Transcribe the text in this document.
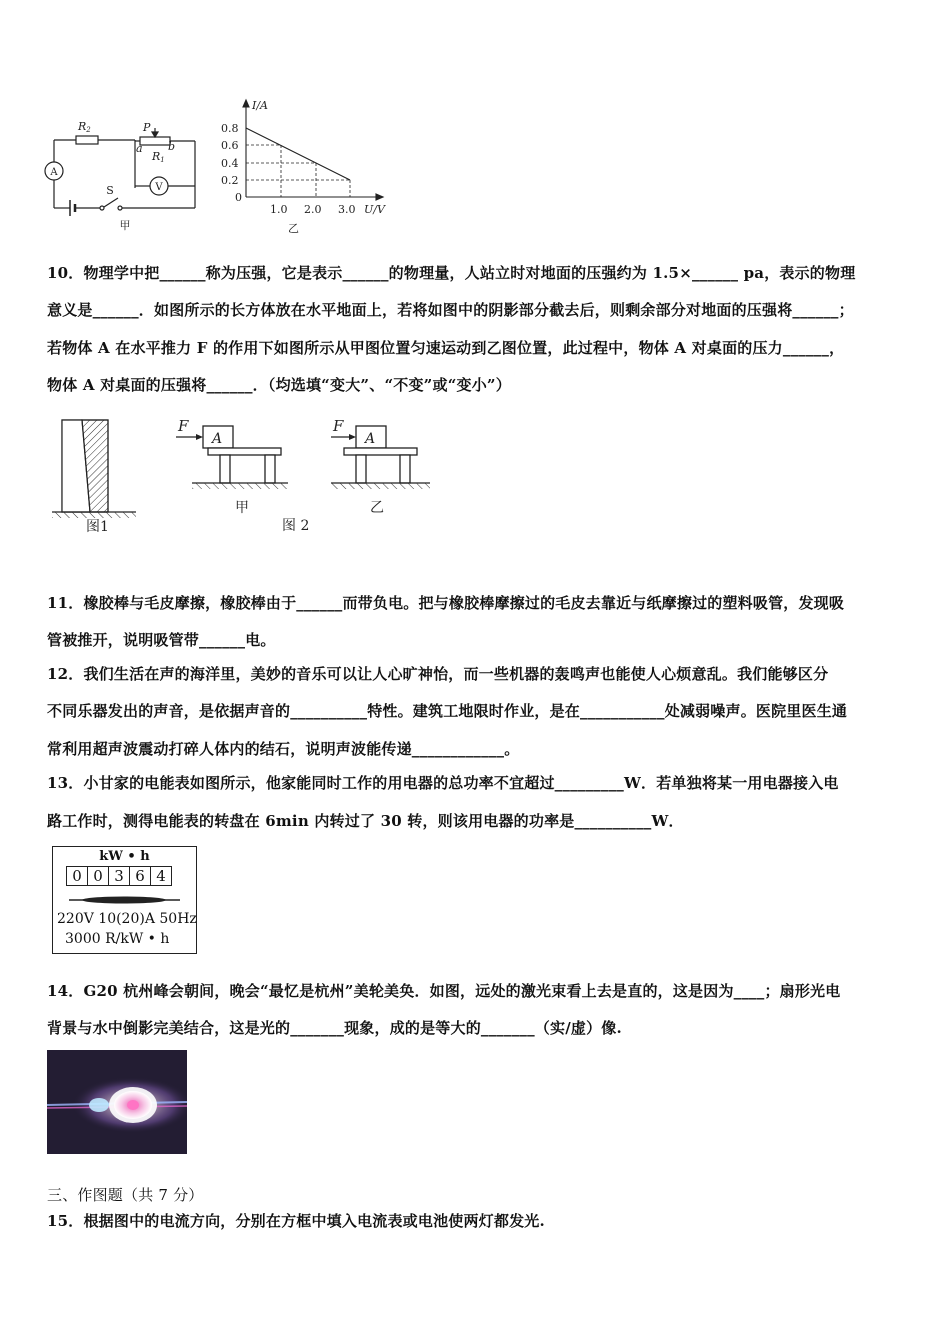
R2	P
a b
R1
A
V
S
甲
I/A
0.8
0.6
0.4
0.2
0
1.0 2.0 3.0 U/V
乙
10．物理学中把______称为压强，它是表示______的物理量，人站立时对地面的压强约为 1.5×______ pa，表示的物理
意义是______．如图所示的长方体放在水平地面上，若将如图中的阴影部分截去后，则剩余部分对地面的压强将______；
若物体 A 在水平推力 F 的作用下如图所示从甲图位置匀速运动到乙图位置，此过程中，物体 A 对桌面的压力______，
物体 A 对桌面的压强将______．（均选填“变大”、“不变”或“变小”）
图1
F
A
甲
图 2
F
A
乙
11．橡胶棒与毛皮摩擦，橡胶棒由于______而带负电。把与橡胶棒摩擦过的毛皮去靠近与纸摩擦过的塑料吸管，发现吸
管被推开，说明吸管带______电。
12．我们生活在声的海洋里，美妙的音乐可以让人心旷神怡，而一些机器的轰鸣声也能使人心烦意乱。我们能够区分
不同乐器发出的声音，是依据声音的__________特性。建筑工地限时作业，是在___________处减弱噪声。医院里医生通
常利用超声波震动打碎人体内的结石，说明声波能传递____________。
13．小甘家的电能表如图所示，他家能同时工作的用电器的总功率不宜超过_________W．若单独将某一用电器接入电
路工作时，测得电能表的转盘在 6min 内转过了 30 转，则该用电器的功率是__________W．
kW • h
0 0 3 6 4
220V 10(20)A 50Hz
3000 R/kW • h
14．G20 杭州峰会朝间，晚会“最忆是杭州”美轮美奂．如图，远处的激光束看上去是直的，这是因为____；扇形光电
背景与水中倒影完美结合，这是光的_______现象，成的是等大的_______（实/虚）像.
三、作图题（共 7 分）
15．根据图中的电流方向，分别在方框中填入电流表或电池使两灯都发光.
